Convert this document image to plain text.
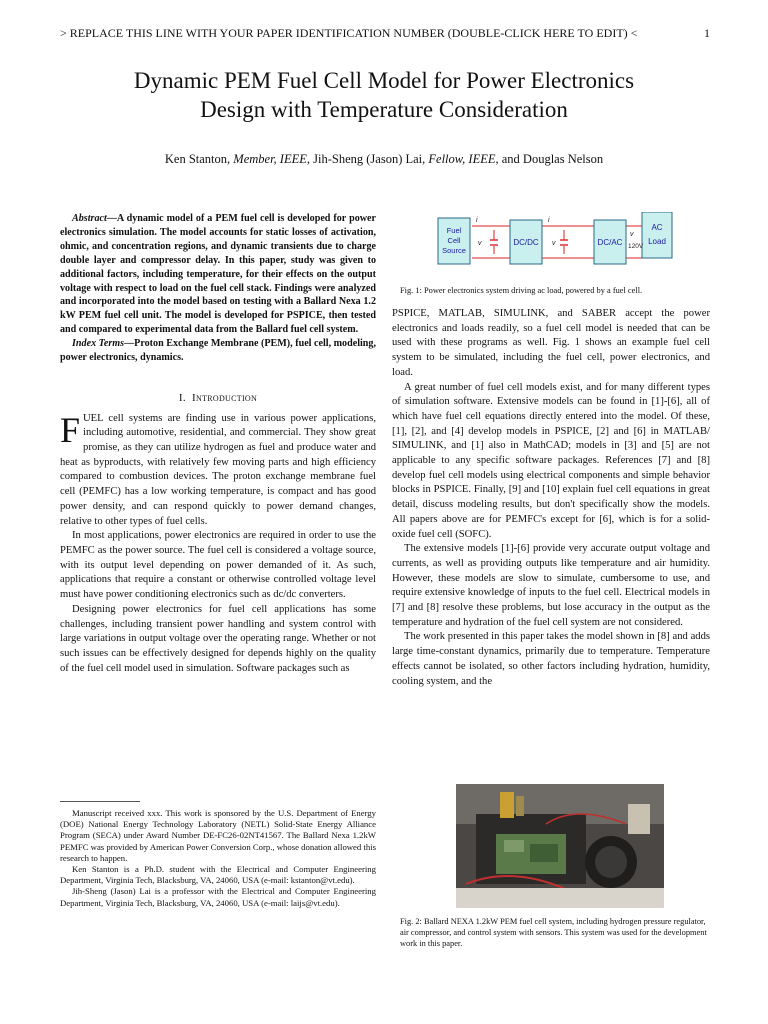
> REPLACE THIS LINE WITH YOUR PAPER IDENTIFICATION NUMBER (DOUBLE-CLICK HERE TO EDIT) <	1
Dynamic PEM Fuel Cell Model for Power Electronics
Design with Temperature Consideration
Ken Stanton, Member, IEEE, Jih-Sheng (Jason) Lai, Fellow, IEEE, and Douglas Nelson

Abstract—A dynamic model of a PEM fuel cell is developed for power electronics simulation. The model accounts for static losses of activation, ohmic, and concentration regions, and dynamic transients due to charge double layer and compressor delay. In this paper, study was given to additional factors, including temperature, for their effects on the output voltage with respect to load on the fuel cell stack. Findings were analyzed and incorporated into the model based on testing with a Ballard Nexa 1.2 kW PEM fuel cell unit. The model is developed for PSPICE, then tested and compared to experimental data from the Ballard fuel cell system.

Index Terms—Proton Exchange Membrane (PEM), fuel cell, modeling, power electronics, dynamics.

I. Introduction

FUEL cell systems are finding use in various power applications, including automotive, residential, and commercial. They show great promise, as they can utilize hydrogen as fuel and produce water and heat as byproducts, with relatively few moving parts and high efficiency compared to combustion devices. The proton exchange membrane fuel cell (PEMFC) has a low working temperature, is compact and has good power density, and can respond quickly to power demand changes, relative to other types of fuel cells.

In most applications, power electronics are required in order to use the PEMFC as the power source. The fuel cell is considered a voltage source, with its output level depending on power demanded of it. As such, applications that require a constant or otherwise controlled voltage level must have power conditioning electronics such as dc/dc converters.

Designing power electronics for fuel cell applications has some challenges, including transient power handling and system control with large variations in output voltage over the operating range. Whether or not such issues can be effectively designed for depends highly on the quality of the fuel cell model used in simulation. Software packages such as

Manuscript received xxx. This work is sponsored by the U.S. Department of Energy (DOE) National Energy Technology Laboratory (NETL) Solid-State Energy Alliance Program (SECA) under Award Number DE-FC26-02NT41567. The Ballard Nexa 1.2kW PEMFC was provided by American Power Conversion Corp., whose donation allowed this research to happen.

Ken Stanton is a Ph.D. student with the Electrical and Computer Engineering Department, Virginia Tech, Blacksburg, VA, 24060, USA (e-mail: kstanton@vt.edu).

Jih-Sheng (Jason) Lai is a professor with the Electrical and Computer Engineering Department, Virginia Tech, Blacksburg, VA, 24060, USA (e-mail: laijs@vt.edu).

Fuel
Cell
Source
DC/DC	DC/AC
AC
Load
i
v
i
v
v
120V
Fig. 1: Power electronics system driving ac load, powered by a fuel cell.

PSPICE, MATLAB, SIMULINK, and SABER accept the power electronics and loads readily, so a fuel cell model is needed that can be used with these programs as well. Fig. 1 shows an example fuel cell system to be simulated, including the fuel cell, power electronics, and load.

A great number of fuel cell models exist, and for many different types of simulation software. Extensive models can be found in [1]-[6], all of which have fuel cell equations directly entered into the model. Of these, [1], [2], and [4] develop models in PSPICE, [2] and [6] in MATLAB/ SIMULINK, and [1] also in MathCAD; models in [3] and [5] are not applicable to any specific software packages. References [7] and [8] develop fuel cell models using electrical components and simple behavior blocks in PSPICE. Finally, [9] and [10] explain fuel cell equations in great detail, discuss modeling results, but don't specifically show the models. All papers above are for PEMFC's except for [6], which is for a solid-oxide fuel cell (SOFC).

The extensive models [1]-[6] provide very accurate output voltage and currents, as well as providing outputs like temperature and air humidity. However, these models are slow to simulate, cumbersome to use, and require extensive knowledge of inputs to the fuel cell. Electrical models in [7] and [8] resolve these problems, but lose accuracy in the output as the temperature and hydration of the fuel cell system are not considered.

The work presented in this paper takes the model shown in [8] and adds large time-constant dynamics, primarily due to temperature. Temperature effects cannot be isolated, so other factors including hydration, humidity, cooling system, and the

Fig. 2: Ballard NEXA 1.2kW PEM fuel cell system, including hydrogen pressure regulator, air compressor, and control system with sensors. This system was used for the development work in this paper.
